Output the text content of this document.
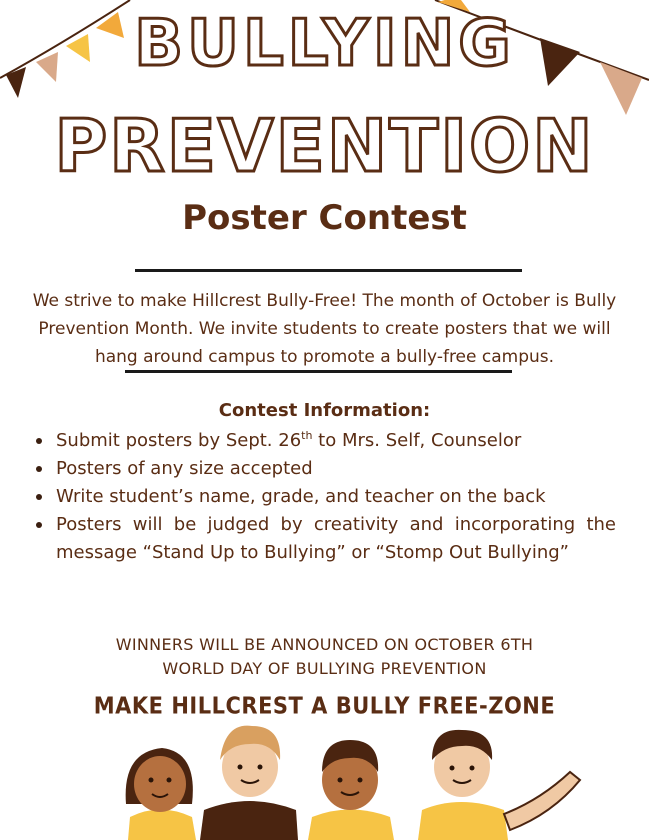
BULLYING
PREVENTION
Poster Contest
We strive to make Hillcrest Bully-Free! The month of October is Bully Prevention Month. We invite students to create posters that we will hang around campus to promote a bully-free campus.
Contest Information:
Submit posters by Sept. 26th to Mrs. Self, Counselor
Posters of any size accepted
Write student’s name, grade, and teacher on the back
Posters will be judged by creativity and incorporating the message “Stand Up to Bullying” or “Stomp Out Bullying”
WINNERS WILL BE ANNOUNCED ON OCTOBER 6TH
WORLD DAY OF BULLYING PREVENTION
MAKE HILLCREST A BULLY FREE-ZONE
